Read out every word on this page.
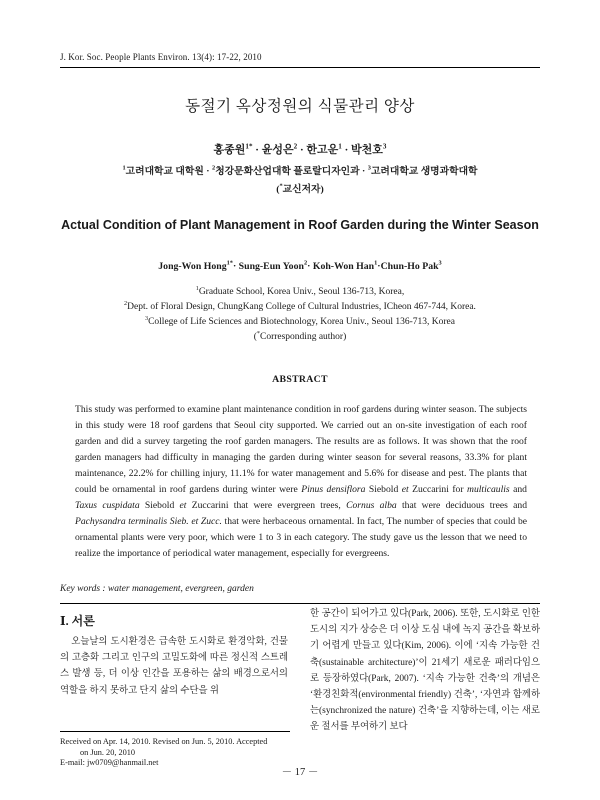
J. Kor. Soc. People Plants Environ. 13(4): 17-22, 2010
동절기 옥상정원의 식물관리 양상
홍종원$^{1*}$ · 윤성은$^2$ · 한고운$^1$ · 박천호$^3$
$^1$고려대학교 대학원 · $^2$청강문화산업대학 플로랄디자인과 · $^3$고려대학교 생명과학대학
(*교신저자)
Actual Condition of Plant Management in Roof Garden during the Winter Season
Jong-Won Hong$^{1*}$· Sung-Eun Yoon$^2$· Koh-Won Han$^1$·Chun-Ho Pak$^3$
$^1$Graduate School, Korea Univ., Seoul 136-713, Korea,
$^2$Dept. of Floral Design, ChungKang College of Cultural Industries, ICheon 467-744, Korea.
$^3$College of Life Sciences and Biotechnology, Korea Univ., Seoul 136-713, Korea
(*Corresponding author)
ABSTRACT

This study was performed to examine plant maintenance condition in roof gardens during winter season. The subjects in this study were 18 roof gardens that Seoul city supported. We carried out an on-site investigation of each roof garden and did a survey targeting the roof garden managers. The results are as follows. It was shown that the roof garden managers had difficulty in managing the garden during winter season for several reasons, 33.3% for plant maintenance, 22.2% for chilling injury, 11.1% for water management and 5.6% for disease and pest. The plants that could be ornamental in roof gardens during winter were Pinus densiflora Siebold et Zuccarini for multicaulis and Taxus cuspidata Siebold et Zuccarini that were evergreen trees, Cornus alba that were deciduous trees and Pachysandra terminalis Sieb. et Zucc. that were herbaceous ornamental. In fact, The number of species that could be ornamental plants were very poor, which were 1 to 3 in each category. The study gave us the lesson that we need to realize the importance of periodical water management, especially for evergreens.

Key words : water management, evergreen, garden
Ⅰ. 서론

오늘날의 도시환경은 급속한 도시화로 환경악화, 건물의 고층화 그리고 인구의 고밀도화에 따른 정신적 스트레스 발생 등, 더 이상 인간을 포용하는 삶의 배경으로서의 역할을 하지 못하고 단지 삶의 수단을 위

한 공간이 되어가고 있다(Park, 2006). 또한, 도시화로 인한 도시의 지가 상승은 더 이상 도심 내에 녹지 공간을 확보하기 어렵게 만들고 있다(Kim, 2006). 이에 ‘지속 가능한 건축(sustainable architecture)’이 21세기 새로운 패러다임으로 등장하였다(Park, 2007). ‘지속 가능한 건축’의 개념은 ‘환경친화적(environmental friendly) 건축’, ‘자연과 함께하는(synchronized the nature) 건축’을 지향하는데, 이는 새로운 절서를 부여하기 보다

Received on Apr. 14, 2010. Revised on Jun. 5, 2010. Accepted

on Jun. 20, 2010

E-mail: jw0709@hanmail.net

－ 17 －
